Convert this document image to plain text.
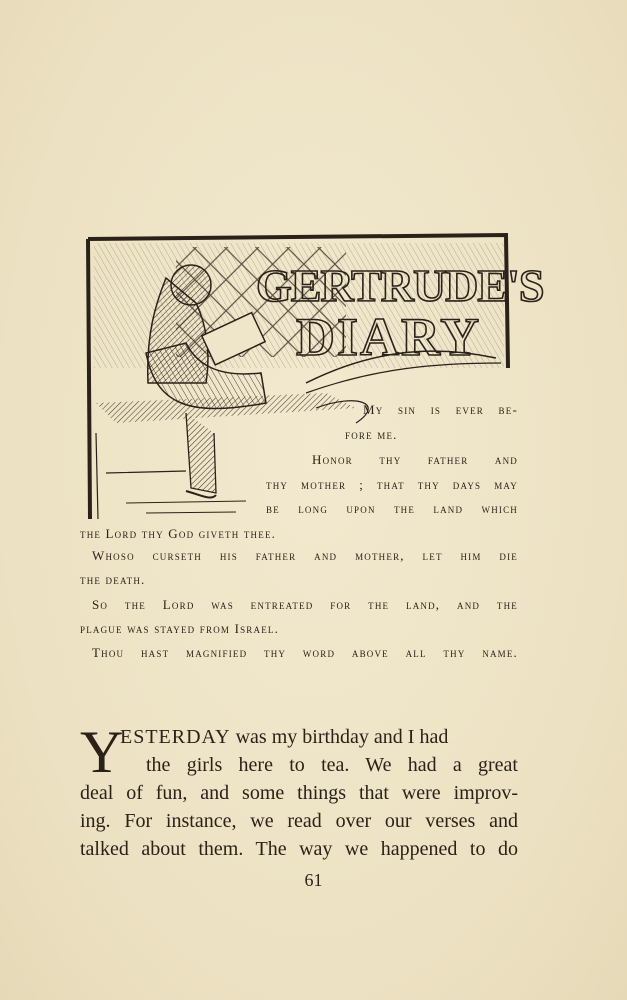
GERTRUDE'S
DIARY
My sin is ever be-
fore me.
Honor thy father and
thy mother ; that thy days may
be long upon the land which
the Lord thy God giveth thee.
Whoso curseth his father and mother, let him die
the death.
So the Lord was entreated for the land, and the
plague was stayed from Israel.
Thou hast magnified thy word above all thy name.
Y
ESTERDAY was my birthday and I had
the girls here to tea. We had a great
deal of fun, and some things that were improv-
ing. For instance, we read over our verses and
talked about them. The way we happened to do
61
